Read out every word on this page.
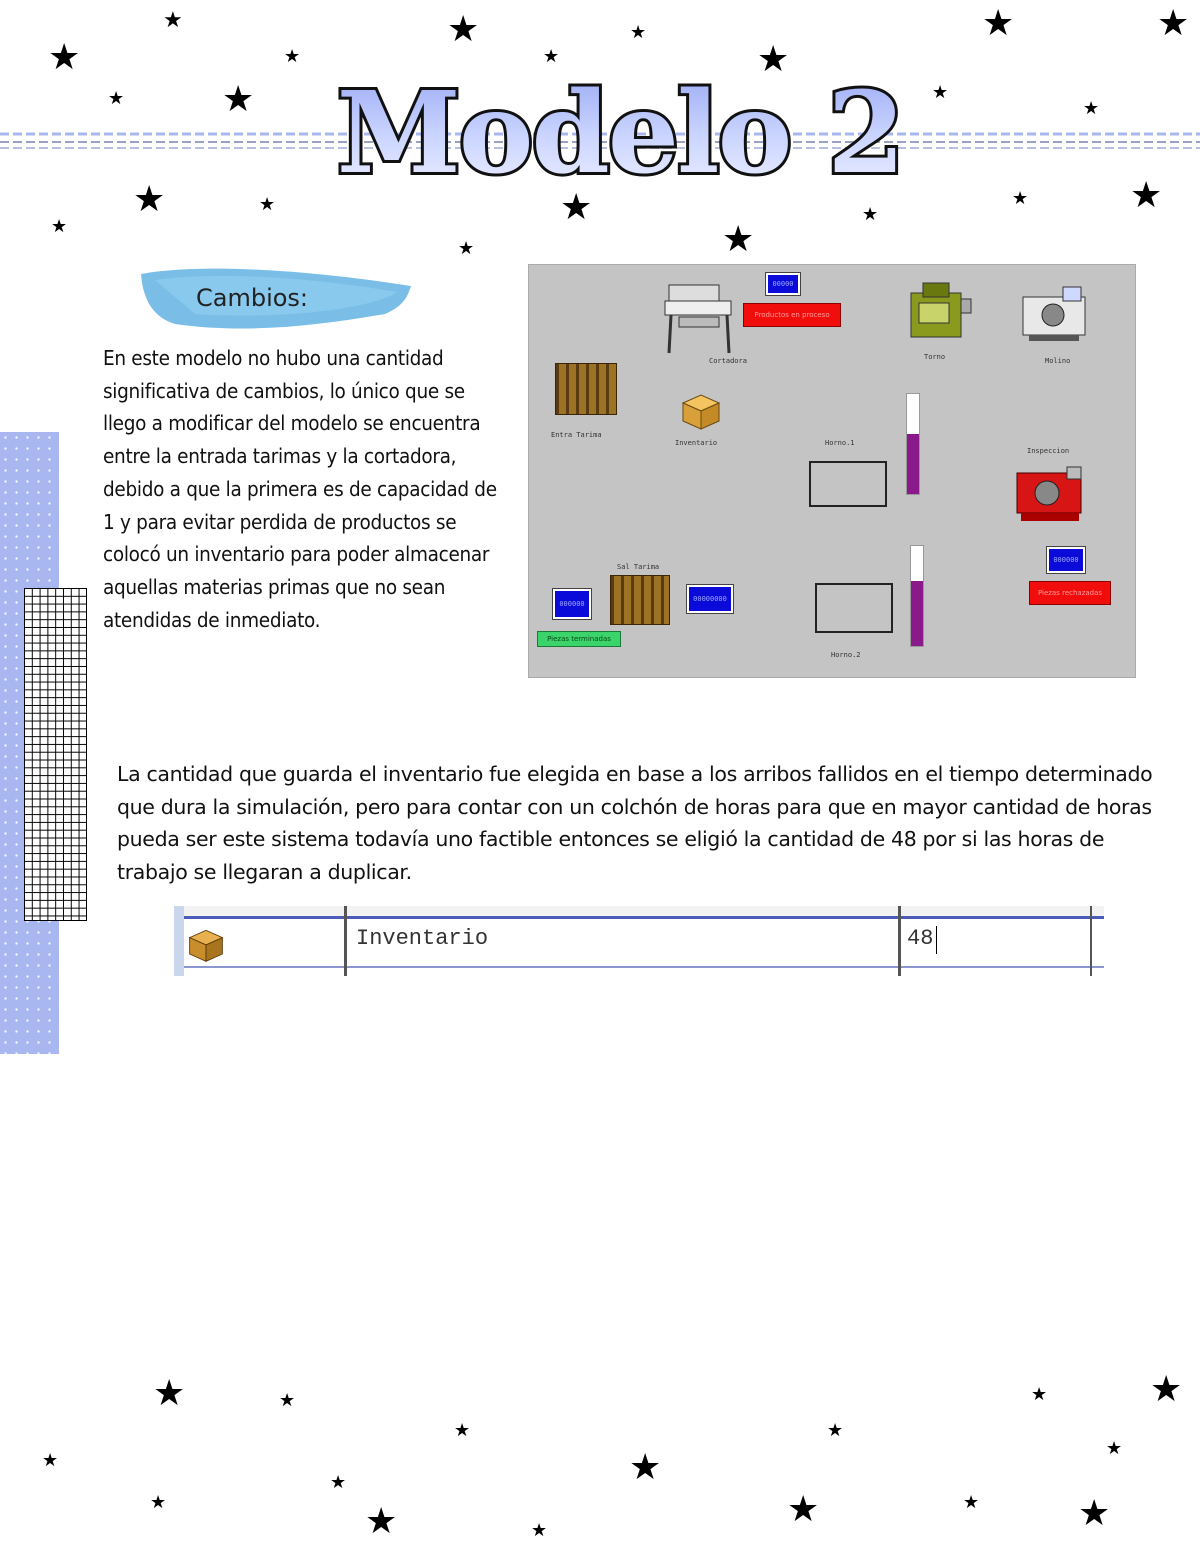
★	★	★	★	★
★	★	★	★
★	★	★
★
★	★	★	★	★
★
★
★	★
Modelo 2
Cambios:
En este modelo no hubo una cantidad significativa de cambios, lo único que se llego a modificar del modelo se encuentra entre la entrada tarimas y la cortadora, debido a que la primera es de capacidad de 1 y para evitar perdida de productos se colocó un inventario para poder almacenar aquellas materias primas que no sean atendidas de inmediato.
Cortadora
00000
Productos en proceso
Torno	Molino
Entra Tarima
Inventario	Horno.1
Inspeccion
000000
Piezas rechazadas
Sal Tarima
000000
00000000
Piezas terminadas
Horno.2
La cantidad que guarda el inventario fue elegida en base a los arribos fallidos en el tiempo determinado que dura la simulación, pero para contar con un colchón de horas para que en mayor cantidad de horas pueda ser este sistema todavía uno factible entonces se eligió la cantidad de 48 por si las horas de trabajo se llegaran a duplicar.
Inventario	48
★	★	★	★
★	★
★
★	★
★
★	★	★
★	★
★
